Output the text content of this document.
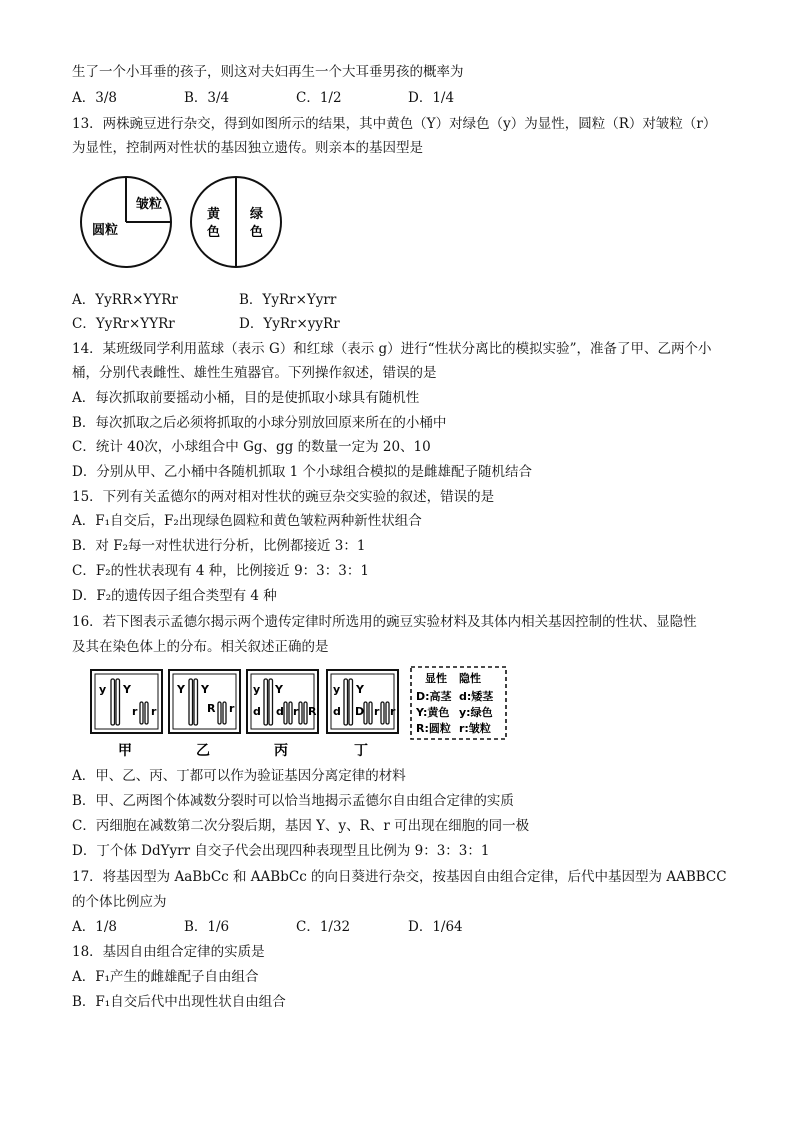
生了一个小耳垂的孩子，则这对夫妇再生一个大耳垂男孩的概率为
A．3/8	B．3/4	C．1/2	D．1/4
13．两株豌豆进行杂交，得到如图所示的结果，其中黄色（Y）对绿色（y）为显性，圆粒（R）对皱粒（r）
为显性，控制两对性状的基因独立遗传。则亲本的基因型是
皱粒
圆粒
黄
色
绿
色
A．YyRR×YYRr	B．YyRr×Yyrr
C．YyRr×YYRr	D．YyRr×yyRr
14．某班级同学利用蓝球（表示 G）和红球（表示 g）进行“性状分离比的模拟实验”，准备了甲、乙两个小
桶，分别代表雌性、雄性生殖器官。下列操作叙述，错误的是
A．每次抓取前要摇动小桶，目的是使抓取小球具有随机性
B．每次抓取之后必须将抓取的小球分别放回原来所在的小桶中
C．统计 40次，小球组合中 Gg、gg 的数量一定为 20、10
D．分别从甲、乙小桶中各随机抓取 1 个小球组合模拟的是雌雄配子随机结合
15．下列有关孟德尔的两对相对性状的豌豆杂交实验的叙述，错误的是
A．F₁自交后，F₂出现绿色圆粒和黄色皱粒两种新性状组合
B．对 F₂每一对性状进行分析，比例都接近 3：1
C．F₂的性状表现有 4 种，比例接近 9：3：3：1
D．F₂的遗传因子组合类型有 4 种
16．若下图表示孟德尔揭示两个遗传定律时所选用的豌豆实验材料及其体内相关基因控制的性状、显隐性
及其在染色体上的分布。相关叙述正确的是
y Y
r r
甲
Y Y
R r
乙
y Y
d d r R
丙
y Y
d D r r
丁
显性 隐性
D:高茎 d:矮茎
Y:黄色 y:绿色
R:圆粒 r:皱粒
A．甲、乙、丙、丁都可以作为验证基因分离定律的材料
B．甲、乙两图个体减数分裂时可以恰当地揭示孟德尔自由组合定律的实质
C．丙细胞在减数第二次分裂后期，基因 Y、y、R、r 可出现在细胞的同一极
D．丁个体 DdYyrr 自交子代会出现四种表现型且比例为 9：3：3：1
17．将基因型为 AaBbCc 和 AABbCc 的向日葵进行杂交，按基因自由组合定律，后代中基因型为 AABBCC
的个体比例应为
A．1/8	B．1/6	C．1/32	D．1/64
18．基因自由组合定律的实质是
A．F₁产生的雌雄配子自由组合
B．F₁自交后代中出现性状自由组合
